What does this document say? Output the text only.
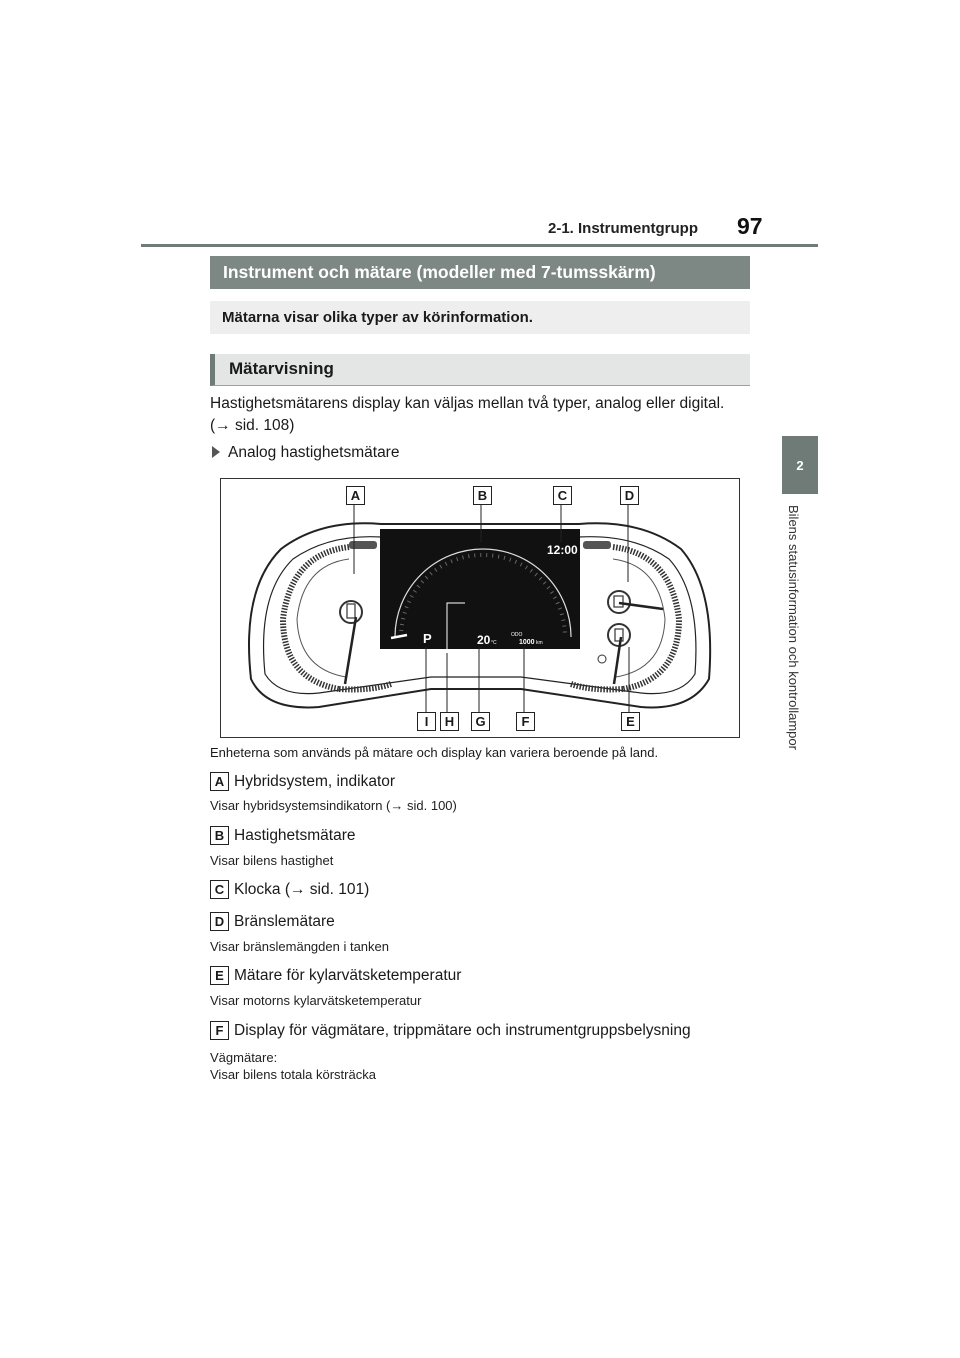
2-1. Instrumentgrupp 97
2
Bilens statusinformation och kontrollampor
Instrument och mätare (modeller med 7-tumsskärm)
Mätarna visar olika typer av körinformation.
Mätarvisning
Hastighetsmätarens display kan väljas mellan två typer, analog eller digital.
(→ sid. 108)
Analog hastighetsmätare
12:00
P	20 °C
ODO
1000 km
A	B	C	D
I	H	G	F	E
Enheterna som används på mätare och display kan variera beroende på land.
A Hybridsystem, indikator
Visar hybridsystemsindikatorn (→ sid. 100)
B Hastighetsmätare
Visar bilens hastighet
C Klocka (→ sid. 101)
D Bränslemätare
Visar bränslemängden i tanken
E Mätare för kylarvätsketemperatur
Visar motorns kylarvätsketemperatur
F Display för vägmätare, trippmätare och instrumentgruppsbelysning
Vägmätare:
Visar bilens totala körsträcka
